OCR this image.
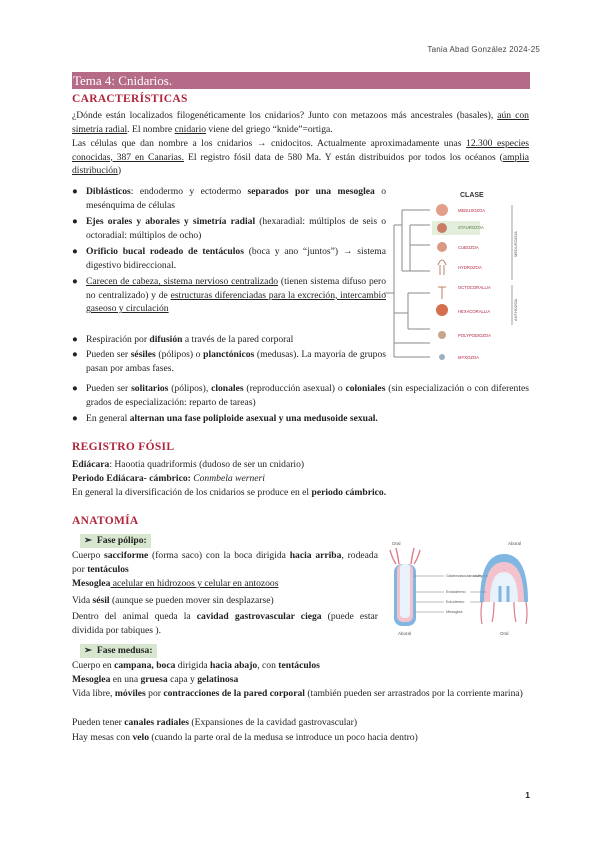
Tania Abad González 2024-25
Tema 4: Cnidarios.
CARACTERÍSTICAS
¿Dónde están localizados filogenéticamente los cnidarios? Junto con metazoos más ancestrales (basales), aún con simetría radial. El nombre cnidario viene del griego “knide”=ortiga.
Las células que dan nombre a los cnidarios → cnidocitos. Actualmente aproximadamente unas 12.300 especies conocidas, 387 en Canarias. El registro fósil data de 580 Ma. Y están distribuidos por todos los océanos (amplia distribución)
● Diblásticos: endodermo y ectodermo separados por una mesoglea o mesénquima de células
● Ejes orales y aborales y simetría radial (hexaradial: múltiplos de seis o octoradial: múltiplos de ocho)
● Orificio bucal rodeado de tentáculos (boca y ano “juntos”) → sistema digestivo bidireccional.
● Carecen de cabeza, sistema nervioso centralizado (tienen sistema difuso pero no centralizado) y de estructuras diferenciadas para la excreción, intercambio gaseoso y circulación
● Respiración por difusión a través de la pared corporal
● Pueden ser sésiles (pólipos) o planctónicos (medusas). La mayoría de grupos pasan por ambas fases.
● Pueden ser solitarios (pólipos), clonales (reproducción asexual) o coloniales (sin especialización o con diferentes grados de especialización: reparto de tareas)
● En general alternan una fase poliploide asexual y una medusoide sexual.
CLASE
MEDUSOZOA
STAUROZOA
CUBOZOA
HYDROZOA
OCTOCORALLIA
HEXACORALLIA
POLYPODIOZOA
MYXOZOA
MEDUSOZOA
ANTHOZOA
REGISTRO FÓSIL
Ediácara: Haootia quadriformis (dudoso de ser un cnidario)
Periodo Ediácara- cámbrico: Conmbela werneri
En general la diversificación de los cnidarios se produce en el periodo cámbrico.
ANATOMÍA
➢ Fase pólipo:
Cuerpo sacciforme (forma saco) con la boca dirigida hacia arriba, rodeada por tentáculos
Mesoglea acelular en hidrozoos y celular en antozoos
Vida sésil (aunque se pueden mover sin desplazarse)
Dentro del animal queda la cavidad gastrovascular ciega (puede estar dividida por tabiques ).
Oral	Aboral
Gastrovascular cavity
Endodermo
Ectodermo
Mesoglea
Aboral	Oral
➢ Fase medusa:
Cuerpo en campana, boca dirigida hacia abajo, con tentáculos
Mesoglea en una gruesa capa y gelatinosa
Vida libre, móviles por contracciones de la pared corporal (también pueden ser arrastrados por la corriente marina)
Pueden tener canales radiales (Expansiones de la cavidad gastrovascular)
Hay mesas con velo (cuando la parte oral de la medusa se introduce un poco hacia dentro)
1
